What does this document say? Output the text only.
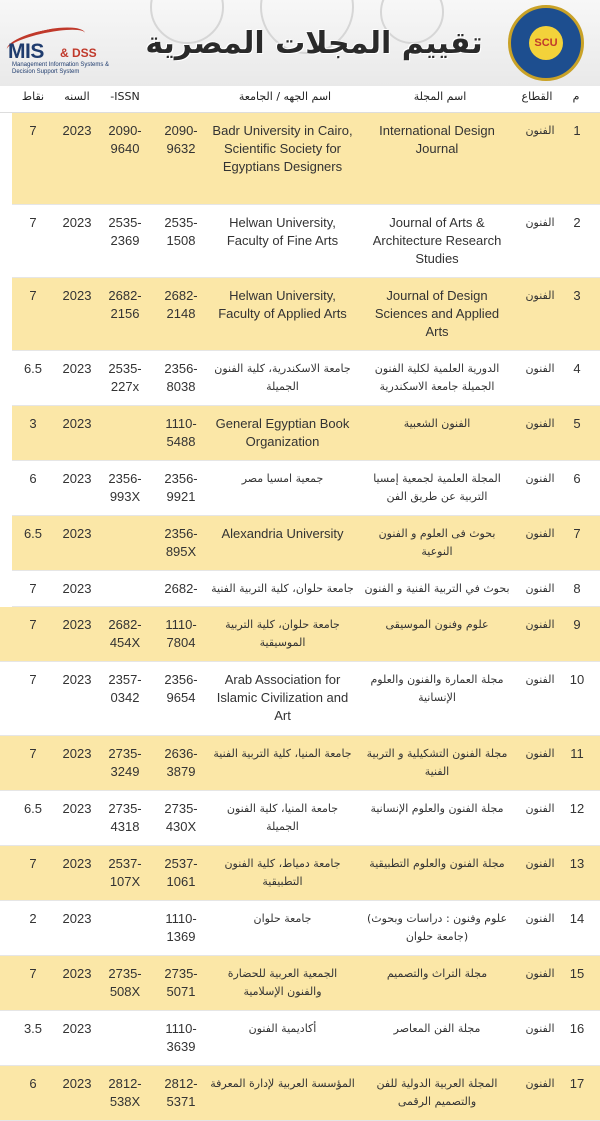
MIS & DSS
Management Information Systems & Decision Support System
تقييم المجلات المصرية	SCU
م
القطاع
اسم المجلة
اسم الجهه / الجامعة
ISSN-
السنه
نقاط
1
الفنون
International Design Journal
Badr University in Cairo, Scientific Society for Egyptians Designers
2090-9632
2090-9640
2023
7
2
الفنون
Journal of Arts & Architecture Research Studies
Helwan University, Faculty of Fine Arts
2535-1508
2535-2369
2023
7
3
الفنون
Journal of Design Sciences and Applied Arts
Helwan University, Faculty of Applied Arts
2682-2148
2682-2156
2023
7
4
الفنون
الدورية العلمية لكلية الفنون الجميلة جامعة الاسكندرية
جامعة الاسكندرية، كلية الفنون الجميلة
2356-8038
2535-227x
2023
6.5
5
الفنون
الفنون الشعبية
General Egyptian Book Organization
1110-5488
2023
3
6
الفنون
المجلة العلمية لجمعية إمسيا التربية عن طريق الفن
جمعية امسيا مصر
2356-9921
2356-993X
2023
6
7
الفنون
بحوث فى العلوم و الفنون النوعية
Alexandria University
2356-895X
2023
6.5
8
الفنون
بحوث في التربية الفنية و الفنون
جامعة حلوان، كلية التربية الفنية
2682-
2023
7
9
الفنون
علوم وفنون الموسيقى
جامعة حلوان، كلية التربية الموسيقية
1110-7804
2682-454X
2023
7
10
الفنون
مجلة العمارة والفنون والعلوم الإنسانية
Arab Association for Islamic Civilization and Art
2356-9654
2357-0342
2023
7
11
الفنون
مجلة الفنون التشكيلية و التربية الفنية
جامعة المنيا، كلية التربية الفنية
2636-3879
2735-3249
2023
7
12
الفنون
مجلة الفنون والعلوم الإنسانية
جامعة المنيا، كلية الفنون الجميلة
2735-430X
2735-4318
2023
6.5
13
الفنون
مجلة الفنون والعلوم التطبيقية
جامعة دمياط، كلية الفنون التطبيقية
2537-1061
2537-107X
2023
7
14
الفنون
علوم وفنون : دراسات وبحوث) (جامعة حلوان
جامعة حلوان
1110-1369
2023
2
15
الفنون
مجلة التراث والتصميم
الجمعية العربية للحضارة والفنون الإسلامية
2735-5071
2735-508X
2023
7
16
الفنون
مجلة الفن المعاصر
أكاديمية الفنون
1110-3639
2023
3.5
17
الفنون
المجلة العربية الدولية للفن والتصميم الرقمى
المؤسسة العربية لإدارة المعرفة
2812-5371
2812-538X
2023
6
